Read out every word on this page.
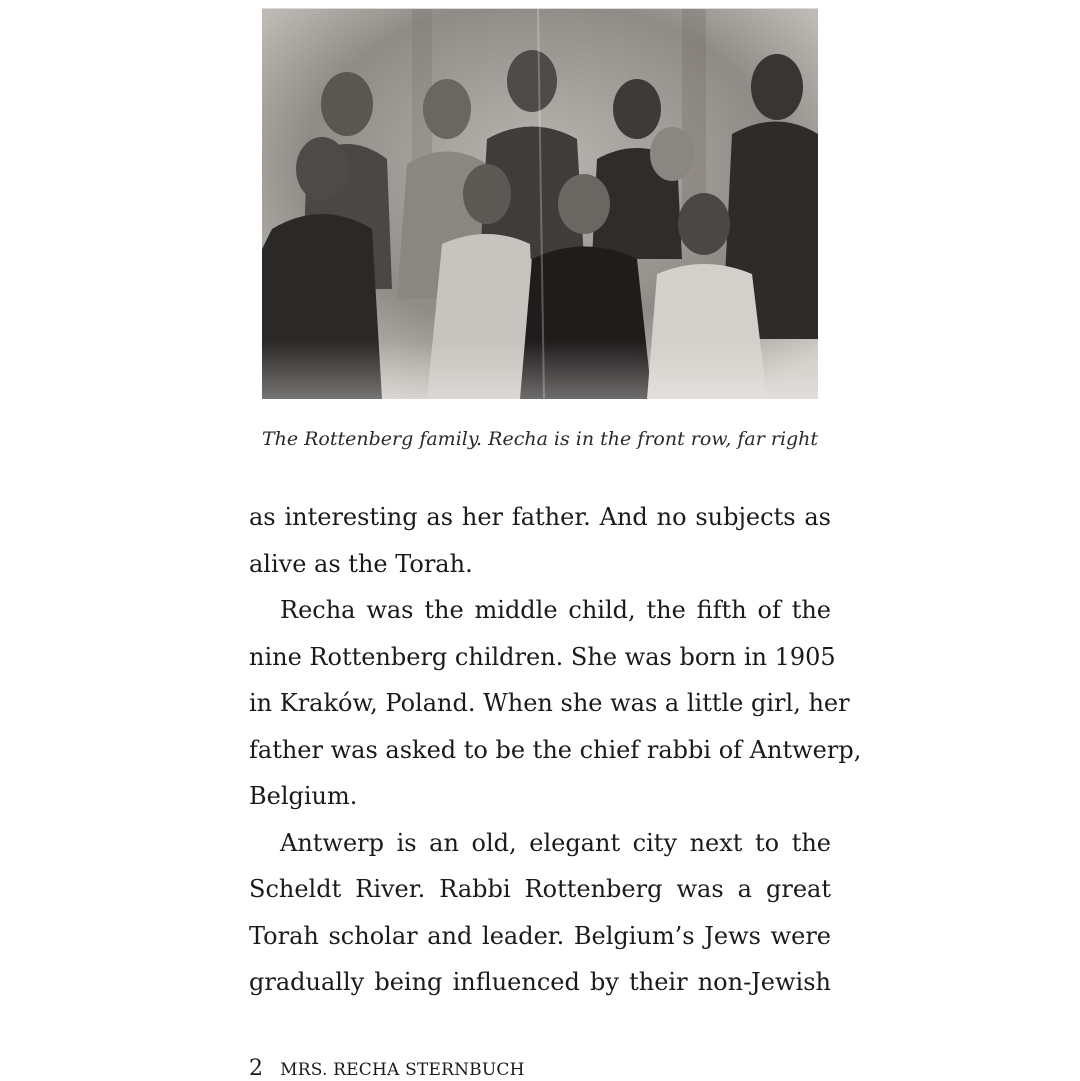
The Rottenberg family. Recha is in the front row, far right
as interesting as her father. And no subjects as
alive as the Torah.
Recha was the middle child, the fifth of the
nine Rottenberg children. She was born in 1905
in Kraków, Poland. When she was a little girl, her
father was asked to be the chief rabbi of Antwerp,
Belgium.
Antwerp is an old, elegant city next to the
Scheldt River. Rabbi Rottenberg was a great
Torah scholar and leader. Belgium’s Jews were
gradually being influenced by their non-Jewish
2 MRS. RECHA STERNBUCH
